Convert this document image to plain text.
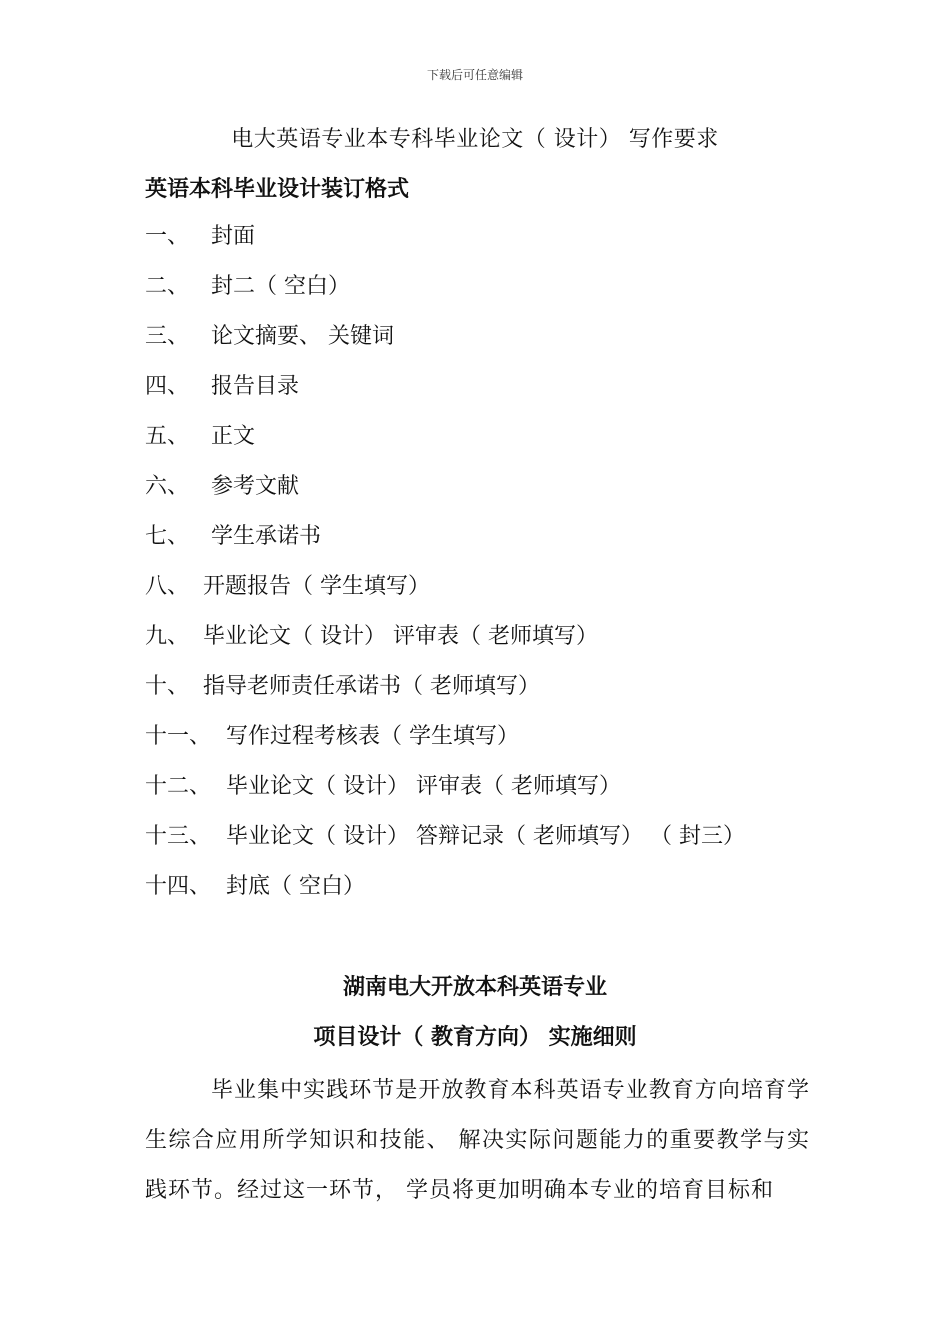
下载后可任意编辑
电大英语专业本专科毕业论文（ 设计） 写作要求
英语本科毕业设计装订格式
一、 封面
二、 封二（ 空白）
三、 论文摘要、 关键词
四、 报告目录
五、 正文
六、 参考文献
七、 学生承诺书
八、 开题报告（ 学生填写）
九、 毕业论文（ 设计） 评审表（ 老师填写）
十、 指导老师责任承诺书（ 老师填写）
十一、 写作过程考核表（ 学生填写）
十二、 毕业论文（ 设计） 评审表（ 老师填写）
十三、 毕业论文（ 设计） 答辩记录（ 老师填写） （ 封三）
十四、 封底（ 空白）
湖南电大开放本科英语专业
项目设计（ 教育方向） 实施细则

毕业集中实践环节是开放教育本科英语专业教育方向培育学生综合应用所学知识和技能、 解决实际问题能力的重要教学与实践环节。经过这一环节， 学员将更加明确本专业的培育目标和
